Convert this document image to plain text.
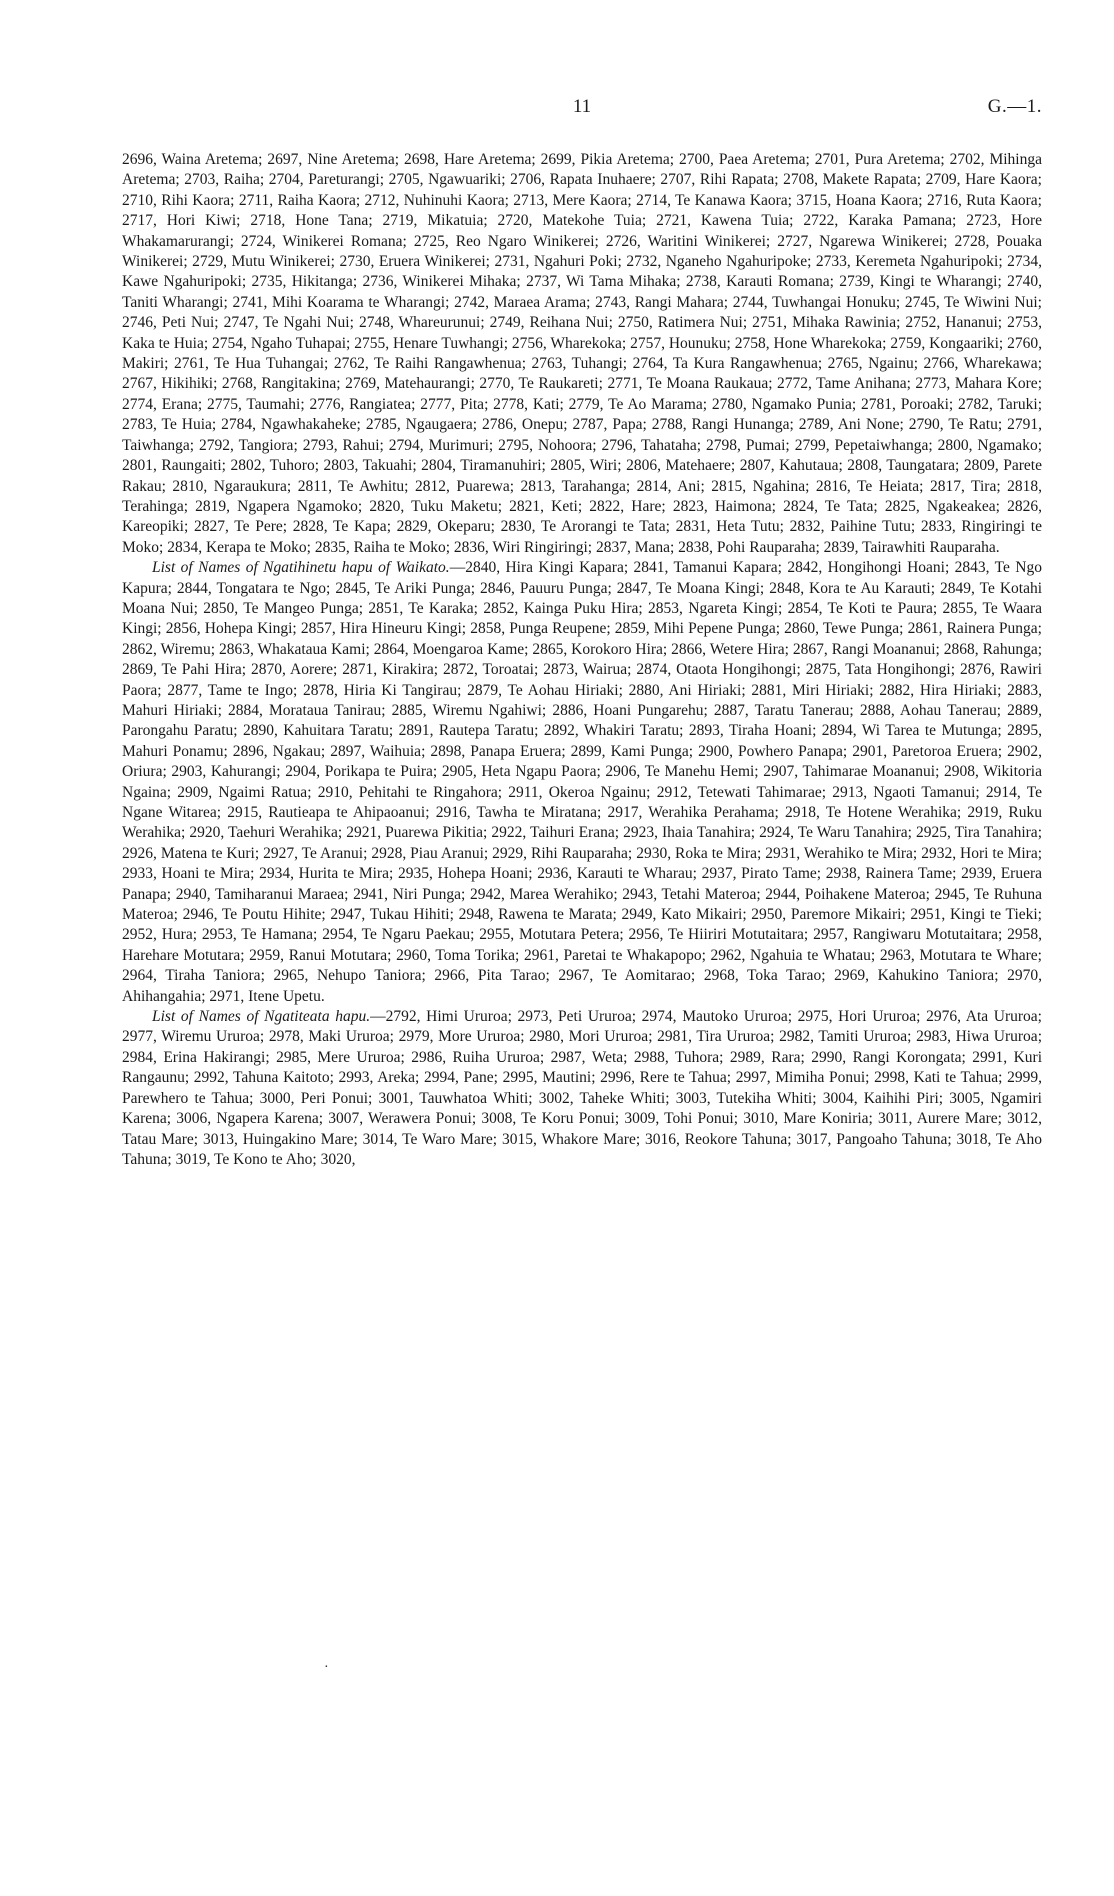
11	G.—1.

2696, Waina Aretema; 2697, Nine Aretema; 2698, Hare Aretema; 2699, Pikia Aretema; 2700, Paea Aretema; 2701, Pura Aretema; 2702, Mihinga Aretema; 2703, Raiha; 2704, Pareturangi; 2705, Ngawuariki; 2706, Rapata Inuhaere; 2707, Rihi Rapata; 2708, Makete Rapata; 2709, Hare Kaora; 2710, Rihi Kaora; 2711, Raiha Kaora; 2712, Nuhinuhi Kaora; 2713, Mere Kaora; 2714, Te Kanawa Kaora; 3715, Hoana Kaora; 2716, Ruta Kaora; 2717, Hori Kiwi; 2718, Hone Tana; 2719, Mikatuia; 2720, Matekohe Tuia; 2721, Kawena Tuia; 2722, Karaka Pamana; 2723, Hore Whakamarurangi; 2724, Winikerei Romana; 2725, Reo Ngaro Winikerei; 2726, Waritini Winikerei; 2727, Ngarewa Winikerei; 2728, Pouaka Winikerei; 2729, Mutu Winikerei; 2730, Eruera Winikerei; 2731, Ngahuri Poki; 2732, Nganeho Ngahuripoke; 2733, Keremeta Ngahuripoki; 2734, Kawe Ngahuripoki; 2735, Hikitanga; 2736, Winikerei Mihaka; 2737, Wi Tama Mihaka; 2738, Karauti Romana; 2739, Kingi te Wharangi; 2740, Taniti Wharangi; 2741, Mihi Koarama te Wharangi; 2742, Maraea Arama; 2743, Rangi Mahara; 2744, Tuwhangai Honuku; 2745, Te Wiwini Nui; 2746, Peti Nui; 2747, Te Ngahi Nui; 2748, Whareurunui; 2749, Reihana Nui; 2750, Ratimera Nui; 2751, Mihaka Rawinia; 2752, Hananui; 2753, Kaka te Huia; 2754, Ngaho Tuhapai; 2755, Henare Tuwhangi; 2756, Wharekoka; 2757, Hounuku; 2758, Hone Wharekoka; 2759, Kongaariki; 2760, Makiri; 2761, Te Hua Tuhangai; 2762, Te Raihi Rangawhenua; 2763, Tuhangi; 2764, Ta Kura Rangawhenua; 2765, Ngainu; 2766, Wharekawa; 2767, Hikihiki; 2768, Rangitakina; 2769, Matehaurangi; 2770, Te Raukareti; 2771, Te Moana Raukaua; 2772, Tame Anihana; 2773, Mahara Kore; 2774, Erana; 2775, Taumahi; 2776, Rangiatea; 2777, Pita; 2778, Kati; 2779, Te Ao Marama; 2780, Ngamako Punia; 2781, Poroaki; 2782, Taruki; 2783, Te Huia; 2784, Ngawhakaheke; 2785, Ngaugaera; 2786, Onepu; 2787, Papa; 2788, Rangi Hunanga; 2789, Ani None; 2790, Te Ratu; 2791, Taiwhanga; 2792, Tangiora; 2793, Rahui; 2794, Murimuri; 2795, Nohoora; 2796, Tahataha; 2798, Pumai; 2799, Pepetaiwhanga; 2800, Ngamako; 2801, Raungaiti; 2802, Tuhoro; 2803, Takuahi; 2804, Tiramanuhiri; 2805, Wiri; 2806, Matehaere; 2807, Kahutaua; 2808, Taungatara; 2809, Parete Rakau; 2810, Ngaraukura; 2811, Te Awhitu; 2812, Puarewa; 2813, Tarahanga; 2814, Ani; 2815, Ngahina; 2816, Te Heiata; 2817, Tira; 2818, Terahinga; 2819, Ngapera Ngamoko; 2820, Tuku Maketu; 2821, Keti; 2822, Hare; 2823, Haimona; 2824, Te Tata; 2825, Ngakeakea; 2826, Kareopiki; 2827, Te Pere; 2828, Te Kapa; 2829, Okeparu; 2830, Te Arorangi te Tata; 2831, Heta Tutu; 2832, Paihine Tutu; 2833, Ringiringi te Moko; 2834, Kerapa te Moko; 2835, Raiha te Moko; 2836, Wiri Ringiringi; 2837, Mana; 2838, Pohi Rauparaha; 2839, Tairawhiti Rauparaha.

List of Names of Ngatihinetu hapu of Waikato.—2840, Hira Kingi Kapara; 2841, Tamanui Kapara; 2842, Hongihongi Hoani; 2843, Te Ngo Kapura; 2844, Tongatara te Ngo; 2845, Te Ariki Punga; 2846, Pauuru Punga; 2847, Te Moana Kingi; 2848, Kora te Au Karauti; 2849, Te Kotahi Moana Nui; 2850, Te Mangeo Punga; 2851, Te Karaka; 2852, Kainga Puku Hira; 2853, Ngareta Kingi; 2854, Te Koti te Paura; 2855, Te Waara Kingi; 2856, Hohepa Kingi; 2857, Hira Hineuru Kingi; 2858, Punga Reupene; 2859, Mihi Pepene Punga; 2860, Tewe Punga; 2861, Rainera Punga; 2862, Wiremu; 2863, Whakataua Kami; 2864, Moengaroa Kame; 2865, Korokoro Hira; 2866, Wetere Hira; 2867, Rangi Moananui; 2868, Rahunga; 2869, Te Pahi Hira; 2870, Aorere; 2871, Kirakira; 2872, Toroatai; 2873, Wairua; 2874, Otaota Hongihongi; 2875, Tata Hongihongi; 2876, Rawiri Paora; 2877, Tame te Ingo; 2878, Hiria Ki Tangirau; 2879, Te Aohau Hiriaki; 2880, Ani Hiriaki; 2881, Miri Hiriaki; 2882, Hira Hiriaki; 2883, Mahuri Hiriaki; 2884, Morataua Tanirau; 2885, Wiremu Ngahiwi; 2886, Hoani Pungarehu; 2887, Taratu Tanerau; 2888, Aohau Tanerau; 2889, Parongahu Paratu; 2890, Kahuitara Taratu; 2891, Rautepa Taratu; 2892, Whakiri Taratu; 2893, Tiraha Hoani; 2894, Wi Tarea te Mutunga; 2895, Mahuri Ponamu; 2896, Ngakau; 2897, Waihuia; 2898, Panapa Eruera; 2899, Kami Punga; 2900, Powhero Panapa; 2901, Paretoroa Eruera; 2902, Oriura; 2903, Kahurangi; 2904, Porikapa te Puira; 2905, Heta Ngapu Paora; 2906, Te Manehu Hemi; 2907, Tahimarae Moananui; 2908, Wikitoria Ngaina; 2909, Ngaimi Ratua; 2910, Pehitahi te Ringahora; 2911, Okeroa Ngainu; 2912, Tetewati Tahimarae; 2913, Ngaoti Tamanui; 2914, Te Ngane Witarea; 2915, Rautieapa te Ahipaoanui; 2916, Tawha te Miratana; 2917, Werahika Perahama; 2918, Te Hotene Werahika; 2919, Ruku Werahika; 2920, Taehuri Werahika; 2921, Puarewa Pikitia; 2922, Taihuri Erana; 2923, Ihaia Tanahira; 2924, Te Waru Tanahira; 2925, Tira Tanahira; 2926, Matena te Kuri; 2927, Te Aranui; 2928, Piau Aranui; 2929, Rihi Rauparaha; 2930, Roka te Mira; 2931, Werahiko te Mira; 2932, Hori te Mira; 2933, Hoani te Mira; 2934, Hurita te Mira; 2935, Hohepa Hoani; 2936, Karauti te Wharau; 2937, Pirato Tame; 2938, Rainera Tame; 2939, Eruera Panapa; 2940, Tamiharanui Maraea; 2941, Niri Punga; 2942, Marea Werahiko; 2943, Tetahi Materoa; 2944, Poihakene Materoa; 2945, Te Ruhuna Materoa; 2946, Te Poutu Hihite; 2947, Tukau Hihiti; 2948, Rawena te Marata; 2949, Kato Mikairi; 2950, Paremore Mikairi; 2951, Kingi te Tieki; 2952, Hura; 2953, Te Hamana; 2954, Te Ngaru Paekau; 2955, Motutara Petera; 2956, Te Hiiriri Motutaitara; 2957, Rangiwaru Motutaitara; 2958, Harehare Motutara; 2959, Ranui Motutara; 2960, Toma Torika; 2961, Paretai te Whakapopo; 2962, Ngahuia te Whatau; 2963, Motutara te Whare; 2964, Tiraha Taniora; 2965, Nehupo Taniora; 2966, Pita Tarao; 2967, Te Aomitarao; 2968, Toka Tarao; 2969, Kahukino Taniora; 2970, Ahihangahia; 2971, Itene Upetu.

List of Names of Ngatiteata hapu.—2792, Himi Ururoa; 2973, Peti Ururoa; 2974, Mautoko Ururoa; 2975, Hori Ururoa; 2976, Ata Ururoa; 2977, Wiremu Ururoa; 2978, Maki Ururoa; 2979, More Ururoa; 2980, Mori Ururoa; 2981, Tira Ururoa; 2982, Tamiti Ururoa; 2983, Hiwa Ururoa; 2984, Erina Hakirangi; 2985, Mere Ururoa; 2986, Ruiha Ururoa; 2987, Weta; 2988, Tuhora; 2989, Rara; 2990, Rangi Korongata; 2991, Kuri Rangaunu; 2992, Tahuna Kaitoto; 2993, Areka; 2994, Pane; 2995, Mautini; 2996, Rere te Tahua; 2997, Mimiha Ponui; 2998, Kati te Tahua; 2999, Parewhero te Tahua; 3000, Peri Ponui; 3001, Tauwhatoa Whiti; 3002, Taheke Whiti; 3003, Tutekiha Whiti; 3004, Kaihihi Piri; 3005, Ngamiri Karena; 3006, Ngapera Karena; 3007, Werawera Ponui; 3008, Te Koru Ponui; 3009, Tohi Ponui; 3010, Mare Koniria; 3011, Aurere Mare; 3012, Tatau Mare; 3013, Huingakino Mare; 3014, Te Waro Mare; 3015, Whakore Mare; 3016, Reokore Tahuna; 3017, Pangoaho Tahuna; 3018, Te Aho Tahuna; 3019, Te Kono te Aho; 3020,

·
